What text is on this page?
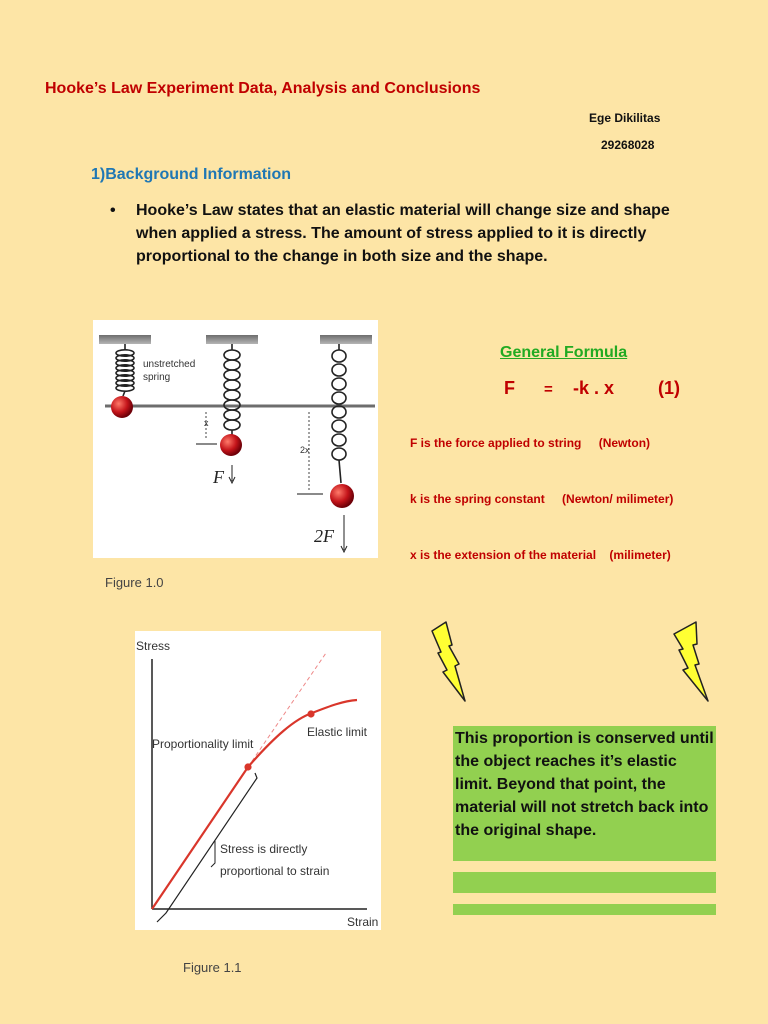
Hooke’s Law Experiment Data, Analysis and Conclusions
Ege Dikilitas
29268028
1)Background Information
• Hooke’s Law states that an elastic material will change size and shape when applied a stress. The amount of stress applied to it is directly proportional to the change in both size and the shape.
x
2x
F
2F
unstretched
spring
Figure 1.0
General Formula
F = -k . x (1)
F is the force applied to string (Newton)
k is the spring constant (Newton/ milimeter)
x is the extension of the material (milimeter)
Stress
Strain
Proportionality limit
Elastic limit
Stress is directly
proportional to strain
Figure 1.1
This proportion is conserved until the object reaches it’s elastic limit. Beyond that point, the material will not stretch back into the original shape.
